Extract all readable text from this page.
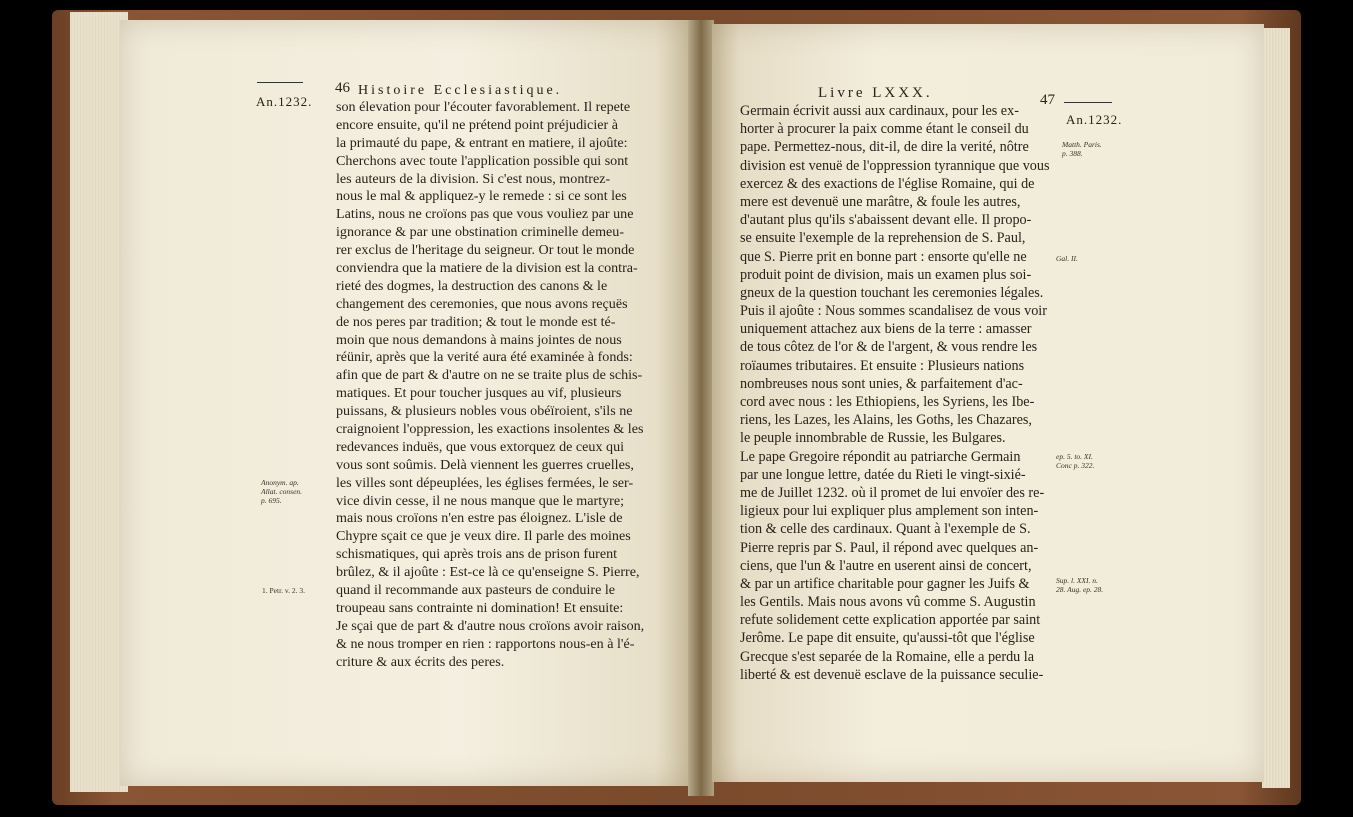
An.1232.
46 Histoire Ecclesiastique.
son élevation pour l'écouter favorablement. Il repete
encore ensuite, qu'il ne prétend point préjudicier à
la primauté du pape, & entrant en matiere, il ajoûte:
Cherchons avec toute l'application possible qui sont
les auteurs de la division. Si c'est nous, montrez-
nous le mal & appliquez-y le remede : si ce sont les
Latins, nous ne croïons pas que vous vouliez par une
ignorance & par une obstination criminelle demeu-
rer exclus de l'heritage du seigneur. Or tout le monde
conviendra que la matiere de la division est la contra-
rieté des dogmes, la destruction des canons & le
changement des ceremonies, que nous avons reçuës
de nos peres par tradition; & tout le monde est té-
moin que nous demandons à mains jointes de nous
réünir, après que la verité aura été examinée à fonds:
afin que de part & d'autre on ne se traite plus de schis-
matiques. Et pour toucher jusques au vif, plusieurs
puissans, & plusieurs nobles vous obéïroient, s'ils ne
craignoient l'oppression, les exactions insolentes & les
redevances induës, que vous extorquez de ceux qui
vous sont soûmis. Delà viennent les guerres cruelles,
les villes sont dépeuplées, les églises fermées, le ser-
vice divin cesse, il ne nous manque que le martyre;
mais nous croïons n'en estre pas éloignez. L'isle de
Chypre sçait ce que je veux dire. Il parle des moines
schismatiques, qui après trois ans de prison furent
brûlez, & il ajoûte : Est-ce là ce qu'enseigne S. Pierre,
quand il recommande aux pasteurs de conduire le
troupeau sans contrainte ni domination! Et ensuite:
Je sçai que de part & d'autre nous croïons avoir raison,
& ne nous tromper en rien : rapportons nous-en à l'é-
criture & aux écrits des peres.
Anonym. ap.
Allat. consen.
p. 695.
1. Petr. v. 2. 3.
Livre LXXX.	47
An.1232.
Germain écrivit aussi aux cardinaux, pour les ex-
horter à procurer la paix comme étant le conseil du
pape. Permettez-nous, dit-il, de dire la verité, nôtre
division est venuë de l'oppression tyrannique que vous
exercez & des exactions de l'église Romaine, qui de
mere est devenuë une marâtre, & foule les autres,
d'autant plus qu'ils s'abaissent devant elle. Il propo-
se ensuite l'exemple de la reprehension de S. Paul,
que S. Pierre prit en bonne part : ensorte qu'elle ne
produit point de division, mais un examen plus soi-
gneux de la question touchant les ceremonies légales.
Puis il ajoûte : Nous sommes scandalisez de vous voir
uniquement attachez aux biens de la terre : amasser
de tous côtez de l'or & de l'argent, & vous rendre les
roïaumes tributaires. Et ensuite : Plusieurs nations
nombreuses nous sont unies, & parfaitement d'ac-
cord avec nous : les Ethiopiens, les Syriens, les Ibe-
riens, les Lazes, les Alains, les Goths, les Chazares,
le peuple innombrable de Russie, les Bulgares.
Le pape Gregoire répondit au patriarche Germain
par une longue lettre, datée du Rieti le vingt-sixié-
me de Juillet 1232. où il promet de lui envoïer des re-
ligieux pour lui expliquer plus amplement son inten-
tion & celle des cardinaux. Quant à l'exemple de S.
Pierre repris par S. Paul, il répond avec quelques an-
ciens, que l'un & l'autre en userent ainsi de concert,
& par un artifice charitable pour gagner les Juifs &
les Gentils. Mais nous avons vû comme S. Augustin
refute solidement cette explication apportée par saint
Jerôme. Le pape dit ensuite, qu'aussi-tôt que l'église
Grecque s'est separée de la Romaine, elle a perdu la
liberté & est devenuë esclave de la puissance seculie-
Matth. Paris.
p. 388.
Gal. II.
ep. 5. to. XI.
Conc p. 322.
Sup. l. XXI. n.
28. Aug. ep. 28.
